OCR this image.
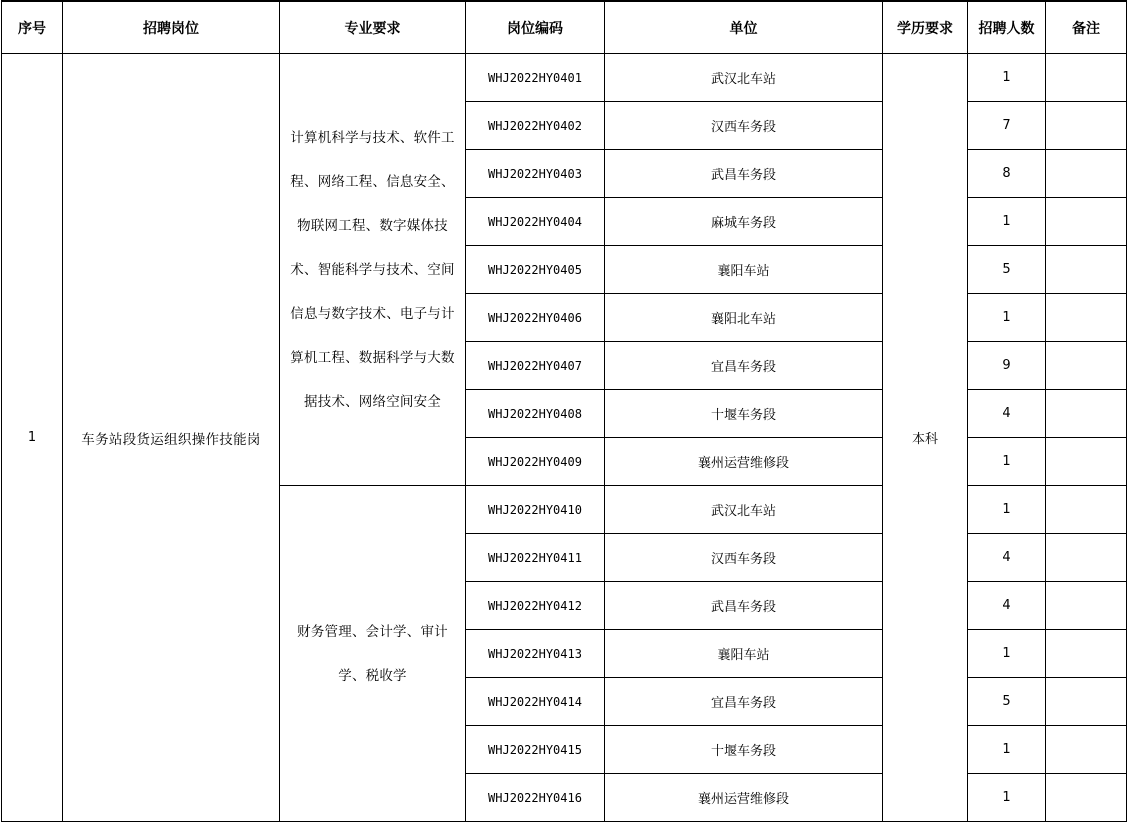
序号	招聘岗位	专业要求	岗位编码	单位	学历要求	招聘人数	备注
1	车务站段货运组织操作技能岗	计算机科学与技术、软件工程、网络工程、信息安全、物联网工程、数字媒体技术、智能科学与技术、空间信息与数字技术、电子与计算机工程、数据科学与大数据技术、网络空间安全	WHJ2022HY0401	武汉北车站	本科	1	
			WHJ2022HY0402	汉西车务段		7	
			WHJ2022HY0403	武昌车务段		8	
			WHJ2022HY0404	麻城车务段		1	
			WHJ2022HY0405	襄阳车站		5	
			WHJ2022HY0406	襄阳北车站		1	
			WHJ2022HY0407	宜昌车务段		9	
			WHJ2022HY0408	十堰车务段		4	
			WHJ2022HY0409	襄州运营维修段		1	
		财务管理、会计学、审计学、税收学	WHJ2022HY0410	武汉北车站		1	
			WHJ2022HY0411	汉西车务段		4	
			WHJ2022HY0412	武昌车务段		4	
			WHJ2022HY0413	襄阳车站		1	
			WHJ2022HY0414	宜昌车务段		5	
			WHJ2022HY0415	十堰车务段		1	
			WHJ2022HY0416	襄州运营维修段		1	
